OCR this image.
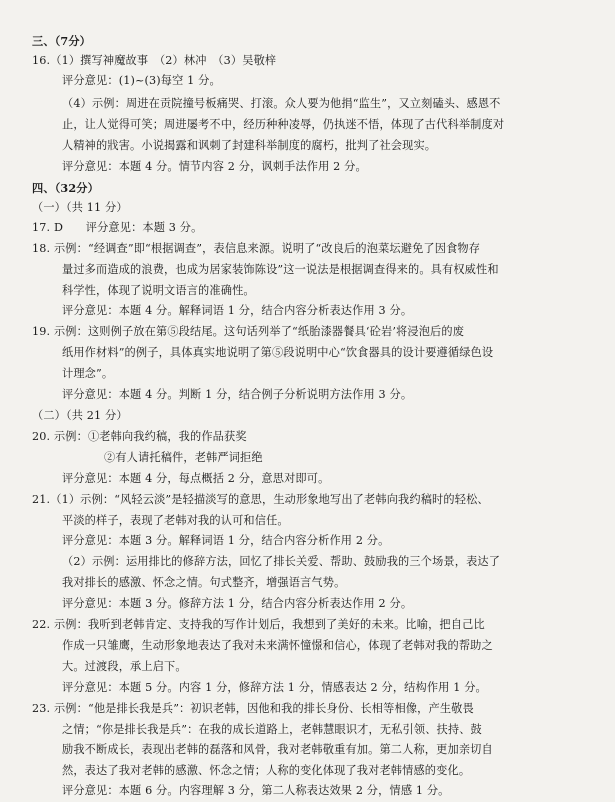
三、（7分）
16.（1）撰写神魔故事　（2）林冲　（3）吴敬梓
评分意见：(1)~(3)每空 1 分。
（4）示例：周进在贡院撞号板痛哭、打滚。众人要为他捐“监生”，又立刻磕头、感恩不
止，让人觉得可笑；周进屡考不中，经历种种凌辱，仍执迷不悟，体现了古代科举制度对
人精神的戕害。小说揭露和讽刺了封建科举制度的腐朽，批判了社会现实。
评分意见：本题 4 分。情节内容 2 分，讽刺手法作用 2 分。
四、（32分）
（一）（共 11 分）
17. D　　评分意见：本题 3 分。
18. 示例：“经调查”即“根据调查”，表信息来源。说明了“改良后的泡菜坛避免了因食物存
量过多而造成的浪费，也成为居家装饰陈设”这一说法是根据调查得来的。具有权威性和
科学性，体现了说明文语言的准确性。
评分意见：本题 4 分。解释词语 1 分，结合内容分析表达作用 3 分。
19. 示例：这则例子放在第⑤段结尾。这句话列举了“纸胎漆器餐具‘砼岩’将浸泡后的废
纸用作材料”的例子，具体真实地说明了第⑤段说明中心“饮食器具的设计要遵循绿色设
计理念”。
评分意见：本题 4 分。判断 1 分，结合例子分析说明方法作用 3 分。
（二）（共 21 分）
20. 示例：①老韩向我约稿，我的作品获奖
②有人请托稿件，老韩严词拒绝
评分意见：本题 4 分，每点概括 2 分，意思对即可。
21.（1）示例：“风轻云淡”是轻描淡写的意思，生动形象地写出了老韩向我约稿时的轻松、
平淡的样子，表现了老韩对我的认可和信任。
评分意见：本题 3 分。解释词语 1 分，结合内容分析作用 2 分。
（2）示例：运用排比的修辞方法，回忆了排长关爱、帮助、鼓励我的三个场景，表达了
我对排长的感激、怀念之情。句式整齐，增强语言气势。
评分意见：本题 3 分。修辞方法 1 分，结合内容分析表达作用 2 分。
22. 示例：我听到老韩肯定、支持我的写作计划后，我想到了美好的未来。比喻，把自己比
作成一只雏鹰，生动形象地表达了我对未来满怀憧憬和信心，体现了老韩对我的帮助之
大。过渡段，承上启下。
评分意见：本题 5 分。内容 1 分，修辞方法 1 分，情感表达 2 分，结构作用 1 分。
23. 示例：“他是排长我是兵”：初识老韩，因他和我的排长身份、长相等相像，产生敬畏
之情；“你是排长我是兵”：在我的成长道路上，老韩慧眼识才，无私引领、扶持、鼓
励我不断成长，表现出老韩的磊落和风骨，我对老韩敬重有加。第二人称，更加亲切自
然，表达了我对老韩的感激、怀念之情；人称的变化体现了我对老韩情感的变化。
评分意见：本题 6 分。内容理解 3 分，第二人称表达效果 2 分，情感 1 分。
